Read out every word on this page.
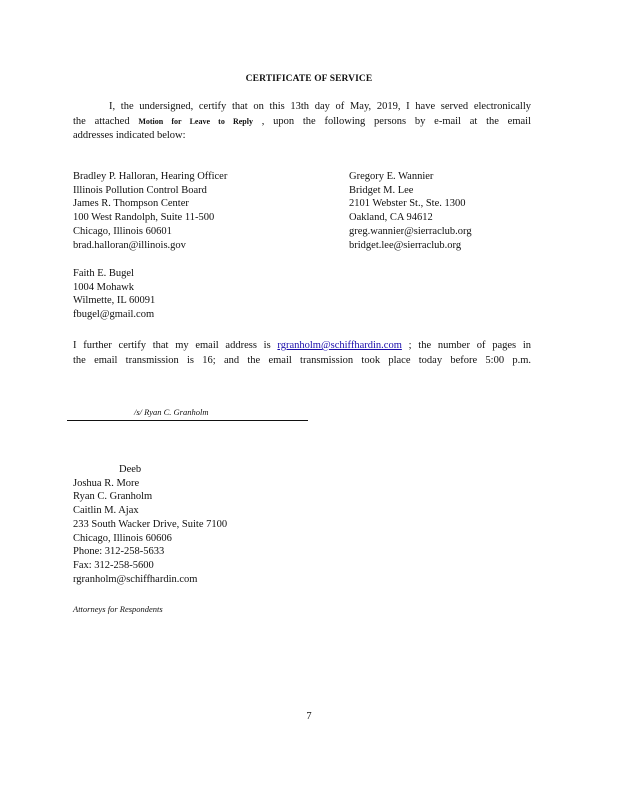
CERTIFICATE OF SERVICE
I, the undersigned, certify that on this 13th day of May, 2019, I have served electronically
the attached Motion for Leave to Reply , upon the following persons by e-mail at the email
addresses indicated below:
Bradley P. Halloran, Hearing Officer
Illinois Pollution Control Board
James R. Thompson Center
100 West Randolph, Suite 11-500
Chicago, Illinois 60601
brad.halloran@illinois.gov
Gregory E. Wannier
Bridget M. Lee
2101 Webster St., Ste. 1300
Oakland, CA 94612
greg.wannier@sierraclub.org
bridget.lee@sierraclub.org
Faith E. Bugel
1004 Mohawk
Wilmette, IL 60091
fbugel@gmail.com
I further certify that my email address is rgranholm@schiffhardin.com ; the number of pages in
the email transmission is 16; and the email transmission took place today before 5:00 p.m.
/s/ Ryan C. Granholm
Deeb
Joshua R. More
Ryan C. Granholm
Caitlin M. Ajax
233 South Wacker Drive, Suite 7100
Chicago, Illinois 60606
Phone: 312-258-5633
Fax: 312-258-5600
rgranholm@schiffhardin.com
Attorneys for Respondents
7
